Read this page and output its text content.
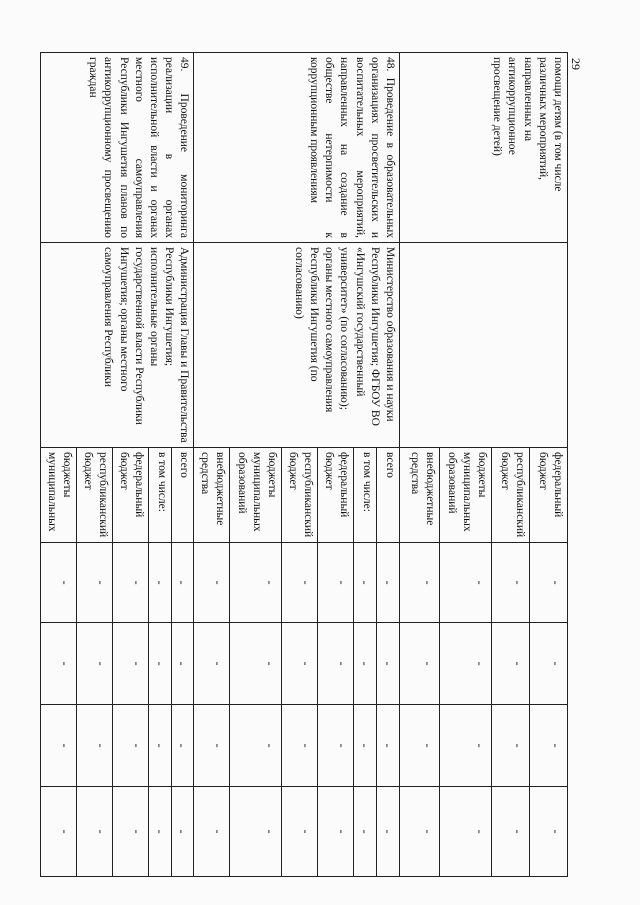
29
помощи детям (в том числе
различных мероприятий,
направленных на
антикоррупционное
просвещение детей)		федеральный бюджет	-	-	-	-
		республиканский бюджет	-	-	-	-
		бюджеты муниципальных образований	-	-	-	-
		внебюджетные средства	-	-	-	-
48. Проведение в образовательных организациях просветительских и воспитательных мероприятий, направленных на создание в обществе нетерпимости к коррупционным проявлениям	Министерство образования и науки Республики Ингушетия; ФГБОУ ВО «Ингушский государственный университет» (по согласованию); органы местного самоуправления Республики Ингушетия (по согласованию)	всего	-	-	-	-
		в том числе:	-	-	-	-
		федеральный бюджет	-	-	-	-
		республиканский бюджет	-	-	-	-
		бюджеты муниципальных образований	-	-	-	-
		внебюджетные средства	-	-	-	-
49. Проведение мониторинга реализации в органах исполнительной власти и органах местного самоуправления Республики Ингушетия планов по антикоррупционному просвещению граждан	Администрация Главы и Правительства Республики Ингушетия; исполнительные органы государственной власти Республики Ингушетия; органы местного самоуправления Республики	всего	-	-	-	-
		в том числе:	-	-	-	-
		федеральный бюджет	-	-	-	-
		республиканский бюджет	-	-	-	-
		бюджеты муниципальных	-	-	-	-
